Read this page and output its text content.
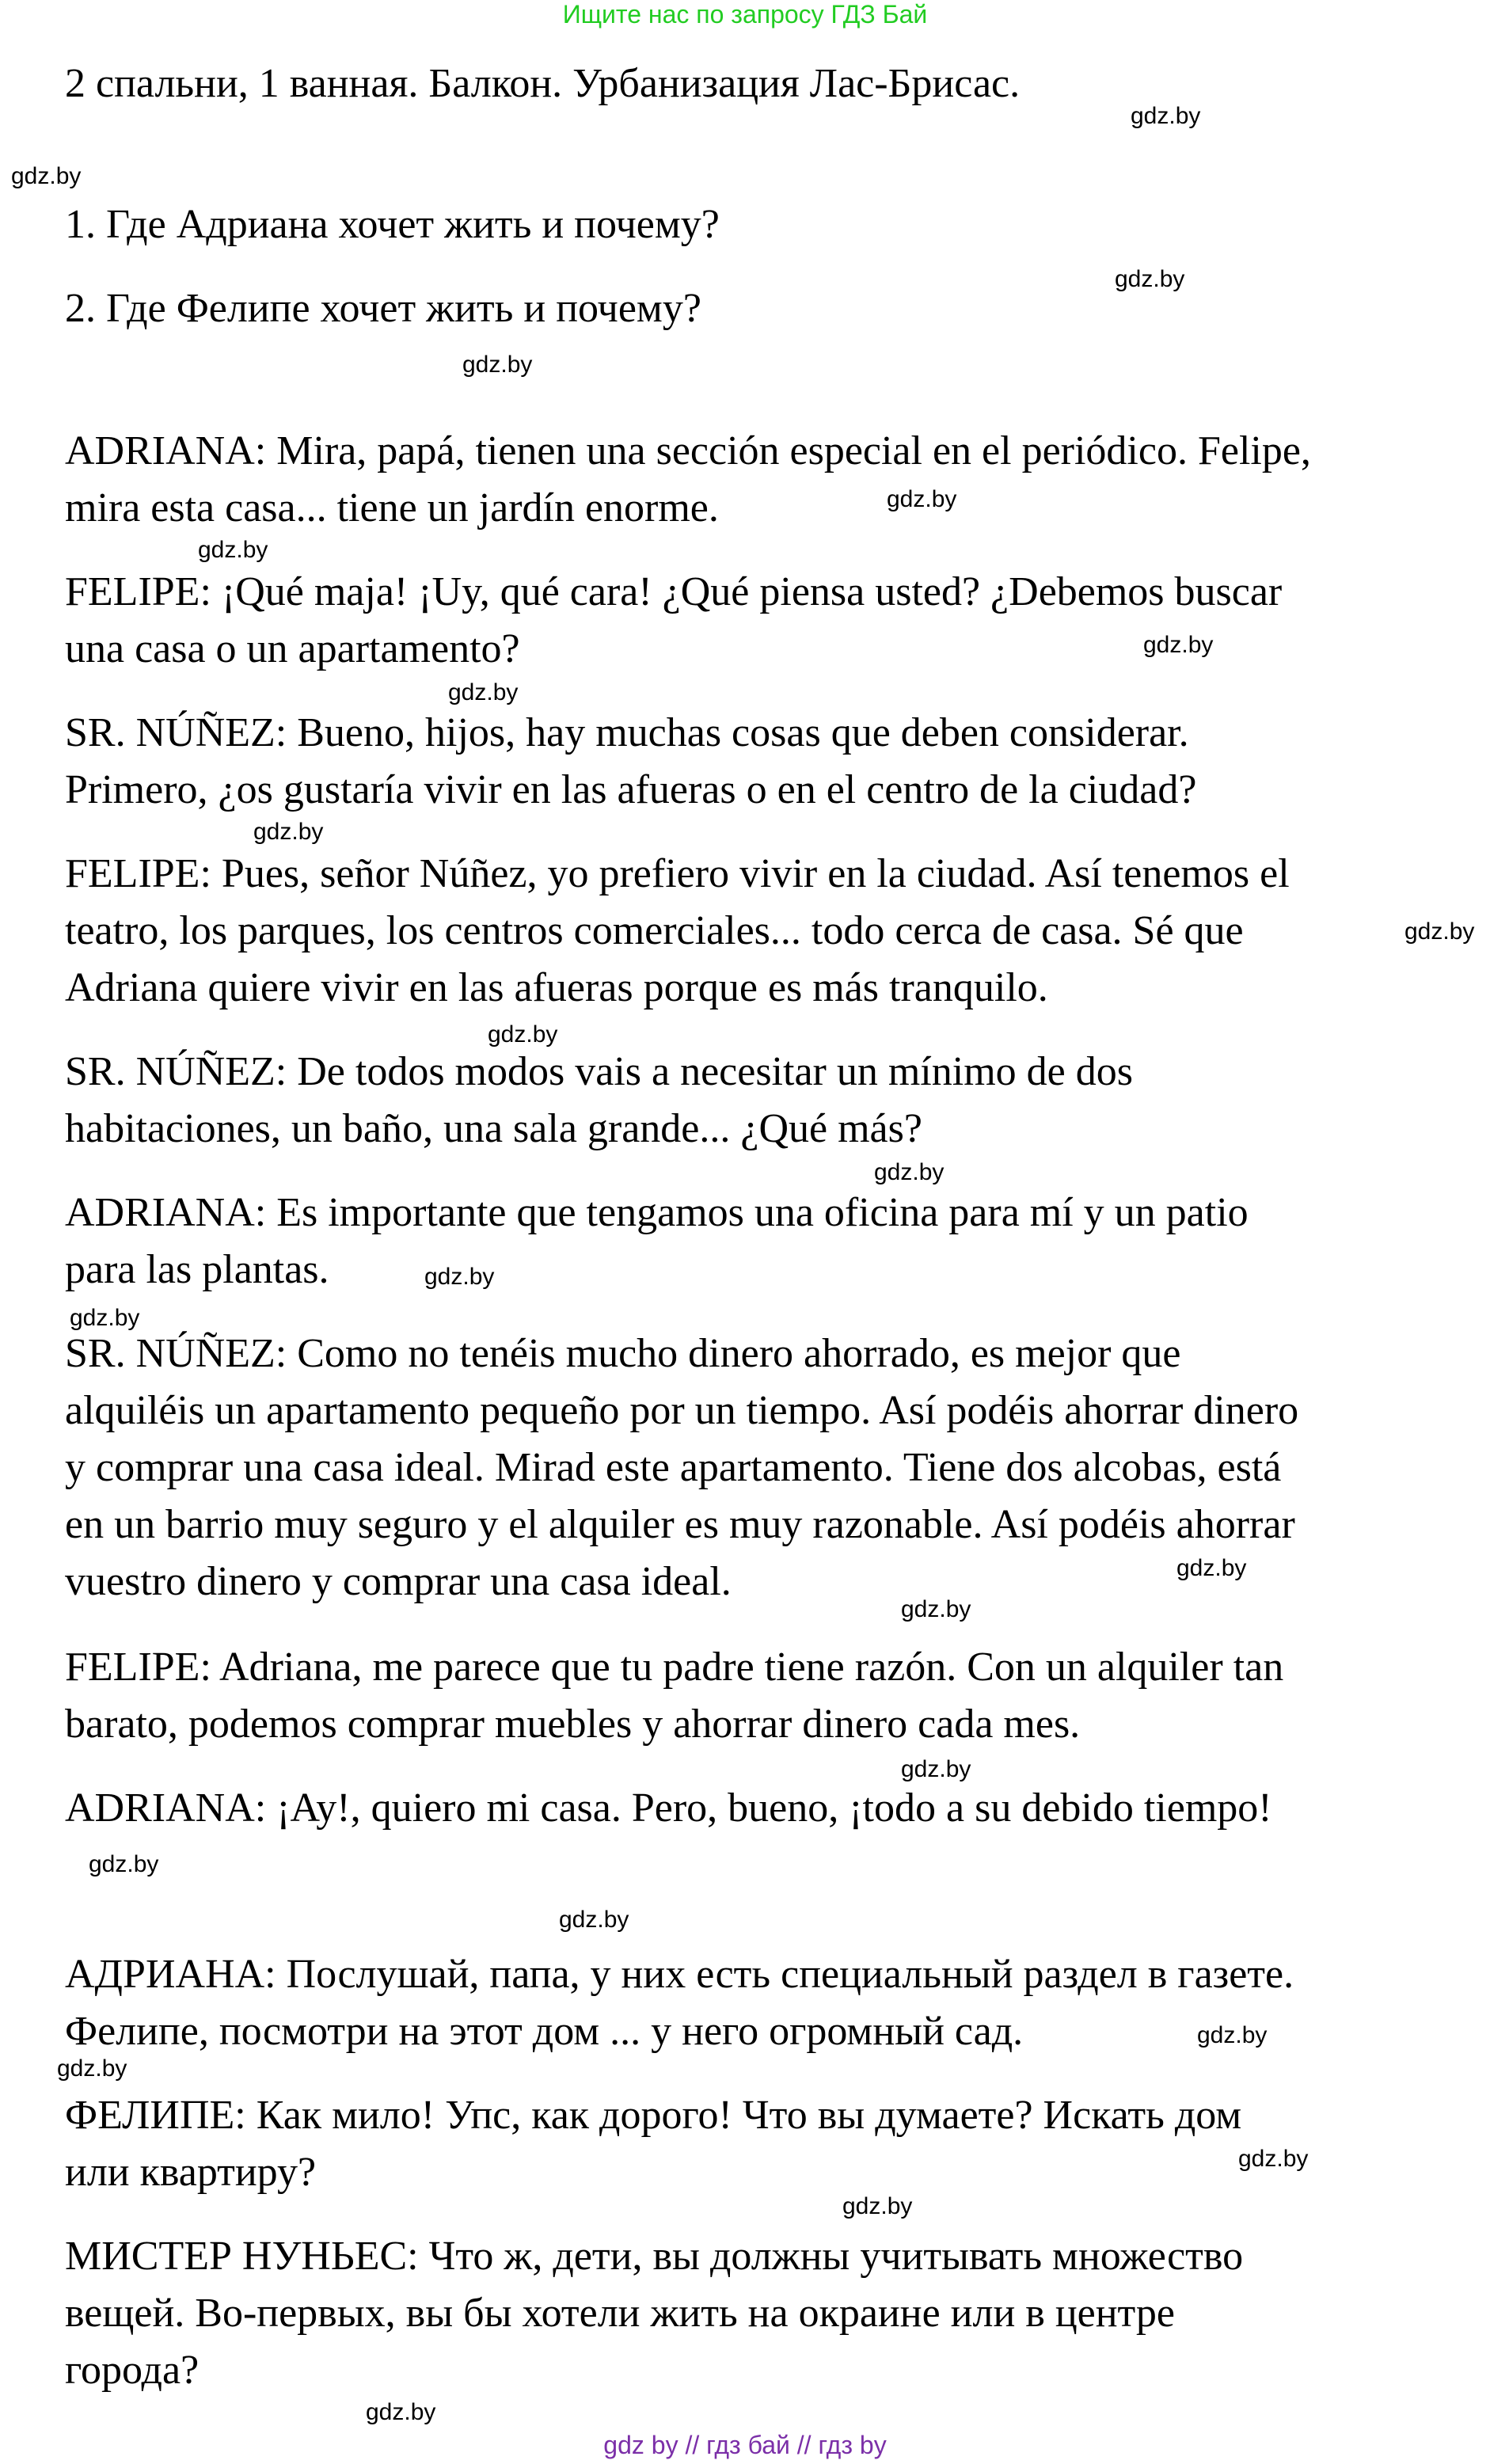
Ищите нас по запросу ГДЗ Бай
2 спальни, 1 ванная. Балкон. Урбанизация Лас-Брисас.
1. Где Адриана хочет жить и почему?
2. Где Фелипе хочет жить и почему?
ADRIANA: Mira, papá, tienen una sección especial en el periódico. Felipe,
mira esta casa... tiene un jardín enorme.
FELIPE: ¡Qué maja! ¡Uy, qué cara! ¿Qué piensa usted? ¿Debemos buscar
una casa o un apartamento?
SR. NÚÑEZ: Bueno, hijos, hay muchas cosas que deben considerar.
Primero, ¿os gustaría vivir en las afueras o en el centro de la ciudad?
FELIPE: Pues, señor Núñez, yo prefiero vivir en la ciudad. Así tenemos el
teatro, los parques, los centros comerciales... todo cerca de casa. Sé que
Adriana quiere vivir en las afueras porque es más tranquilo.
SR. NÚÑEZ: De todos modos vais a necesitar un mínimo de dos
habitaciones, un baño, una sala grande... ¿Qué más?
ADRIANA: Es importante que tengamos una oficina para mí y un patio
para las plantas.
SR. NÚÑEZ: Como no tenéis mucho dinero ahorrado, es mejor que
alquiléis un apartamento pequeño por un tiempo. Así podéis ahorrar dinero
y comprar una casa ideal. Mirad este apartamento. Tiene dos alcobas, está
en un barrio muy seguro y el alquiler es muy razonable. Así podéis ahorrar
vuestro dinero y comprar una casa ideal.
FELIPE: Adriana, me parece que tu padre tiene razón. Con un alquiler tan
barato, podemos comprar muebles y ahorrar dinero cada mes.
ADRIANA: ¡Ay!, quiero mi casa. Pero, bueno, ¡todo a su debido tiempo!
АДРИАНА: Послушай, папа, у них есть специальный раздел в газете.
Фелипе, посмотри на этот дом ... у него огромный сад.
ФЕЛИПЕ: Как мило! Упс, как дорого! Что вы думаете? Искать дом
или квартиру?
МИСТЕР НУНЬЕС: Что ж, дети, вы должны учитывать множество
вещей. Во-первых, вы бы хотели жить на окраине или в центре
города?
gdz.by
gdz.by
gdz.by
gdz.by
gdz.by
gdz.by
gdz.by
gdz.by
gdz.by
gdz.by
gdz.by
gdz.by
gdz.by
gdz.by
gdz.by
gdz.by
gdz.by
gdz.by
gdz.by
gdz.by
gdz.by
gdz.by
gdz.by
gdz.by
gdz by // гдз бай // гдз by
